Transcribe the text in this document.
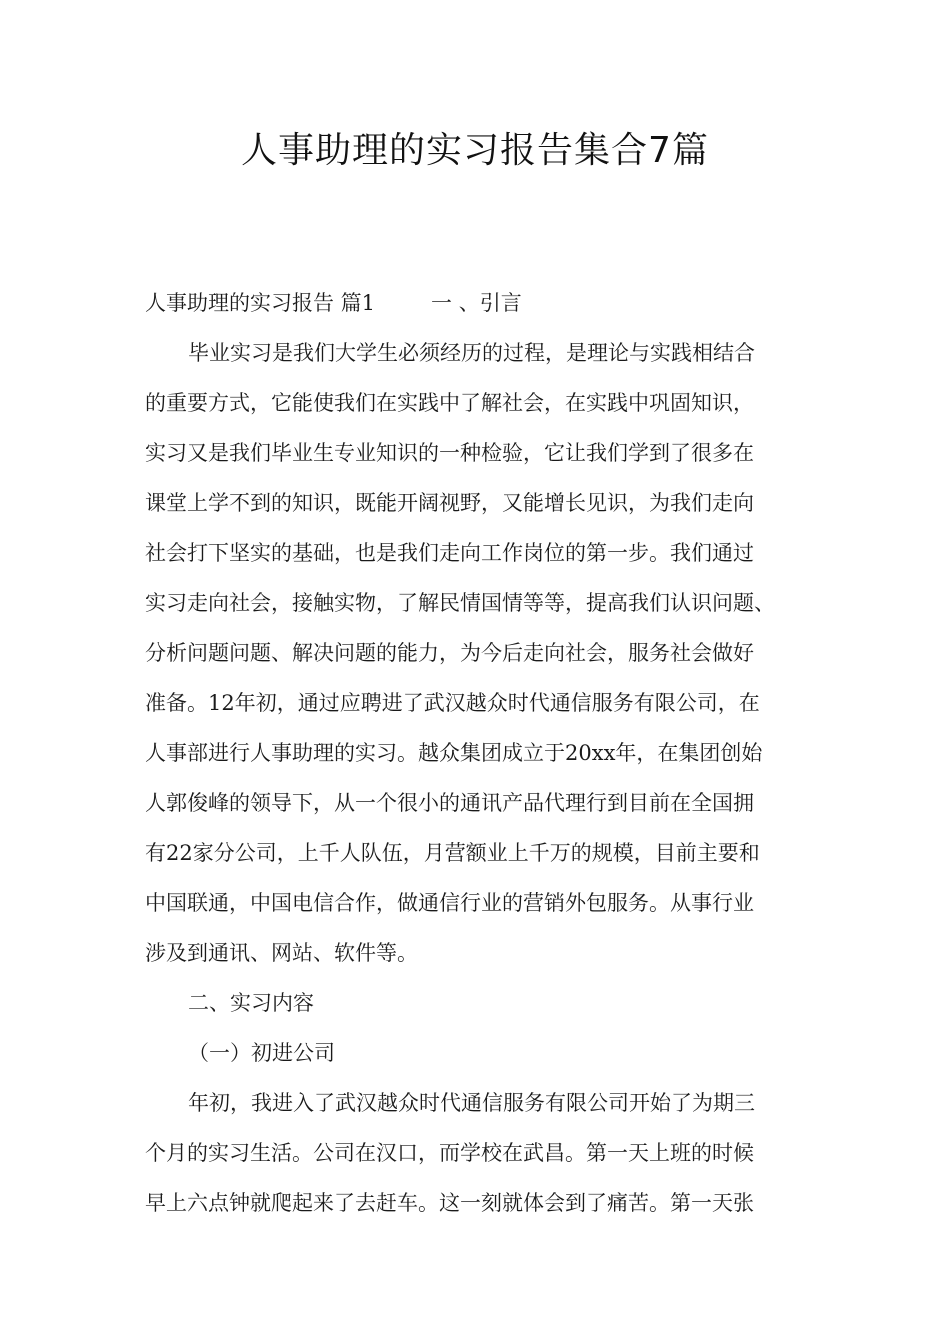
人事助理的实习报告集合7篇

人事助理的实习报告 篇1	一 、引言

毕业实习是我们大学生必须经历的过程，是理论与实践相结合

的重要方式，它能使我们在实践中了解社会，在实践中巩固知识，

实习又是我们毕业生专业知识的一种检验，它让我们学到了很多在

课堂上学不到的知识，既能开阔视野，又能增长见识，为我们走向

社会打下坚实的基础，也是我们走向工作岗位的第一步。我们通过

实习走向社会，接触实物，了解民情国情等等，提高我们认识问题、

分析问题问题、解决问题的能力，为今后走向社会，服务社会做好

准备。12年初，通过应聘进了武汉越众时代通信服务有限公司，在

人事部进行人事助理的实习。越众集团成立于20xx年，在集团创始

人郭俊峰的领导下，从一个很小的通讯产品代理行到目前在全国拥

有22家分公司，上千人队伍，月营额业上千万的规模，目前主要和

中国联通，中国电信合作，做通信行业的营销外包服务。从事行业

涉及到通讯、网站、软件等。

二、实习内容

（一）初进公司

年初，我进入了武汉越众时代通信服务有限公司开始了为期三

个月的实习生活。公司在汉口，而学校在武昌。第一天上班的时候

早上六点钟就爬起来了去赶车。这一刻就体会到了痛苦。第一天张
